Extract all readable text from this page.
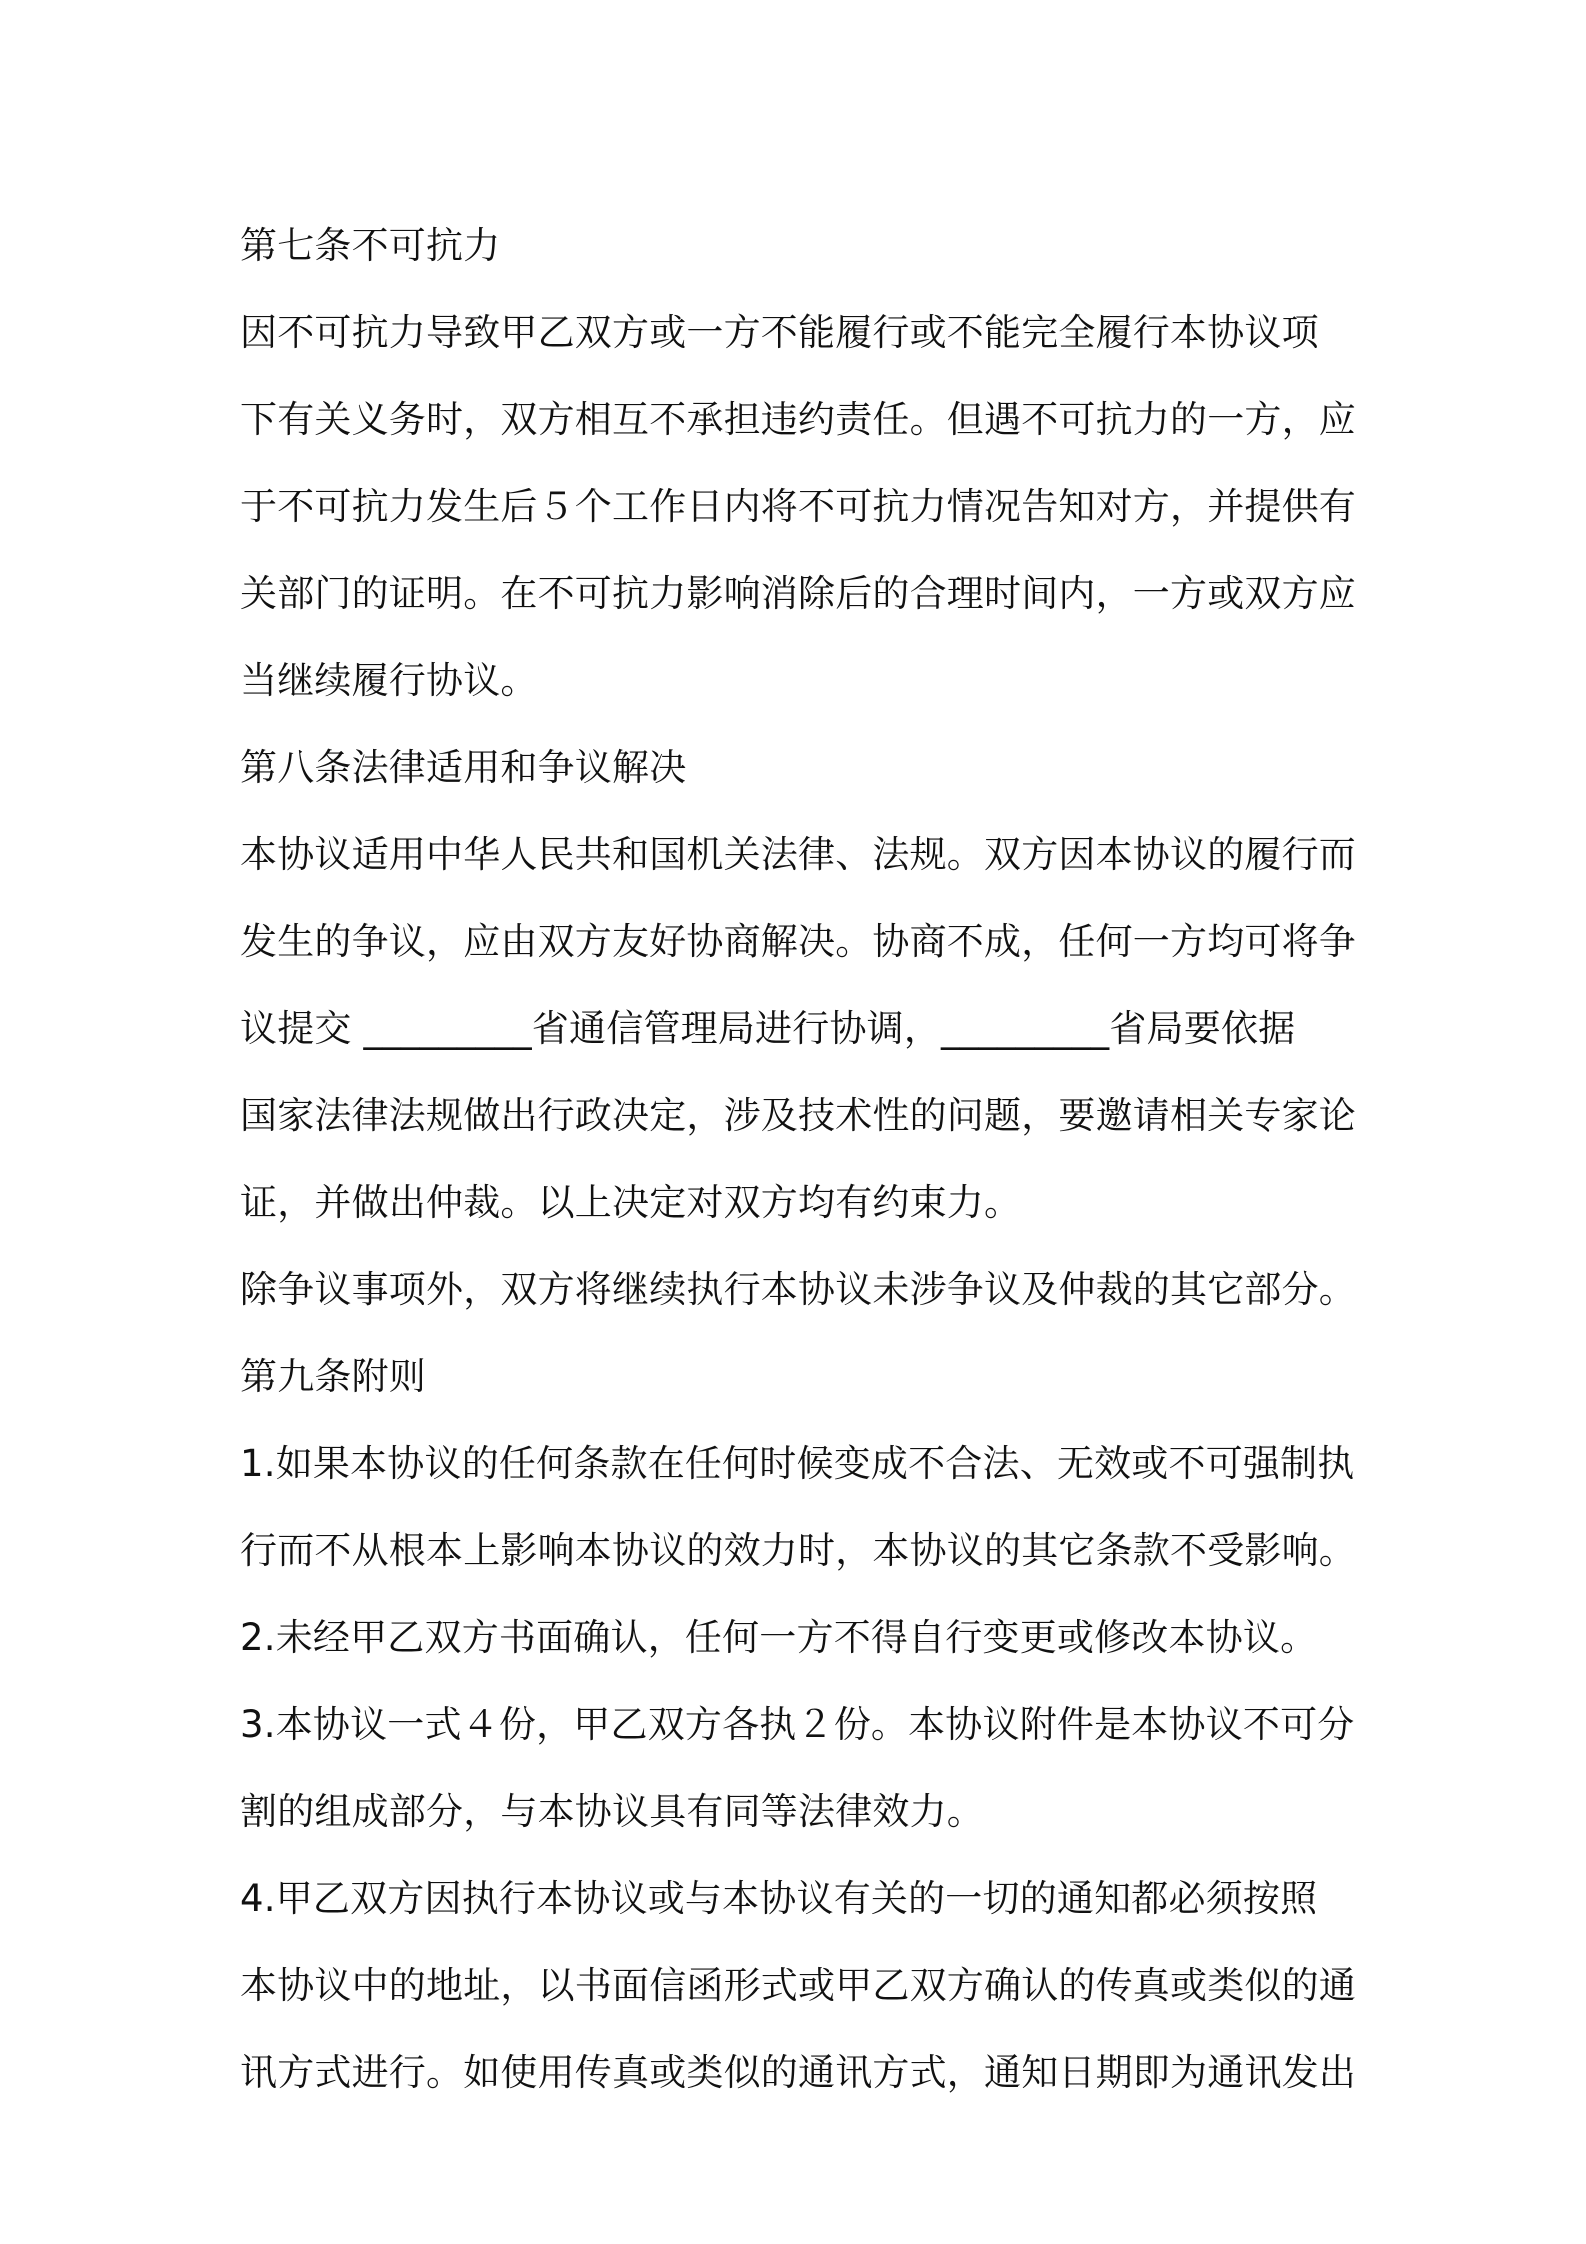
第七条不可抗力
因不可抗力导致甲乙双方或一方不能履行或不能完全履行本协议项
下有关义务时，双方相互不承担违约责任。但遇不可抗力的一方，应
于不可抗力发生后５个工作日内将不可抗力情况告知对方，并提供有
关部门的证明。在不可抗力影响消除后的合理时间内，一方或双方应
当继续履行协议。
第八条法律适用和争议解决
本协议适用中华人民共和国机关法律、法规。双方因本协议的履行而
发生的争议，应由双方友好协商解决。协商不成，任何一方均可将争
议提交 _________省通信管理局进行协调，_________省局要依据
国家法律法规做出行政决定，涉及技术性的问题，要邀请相关专家论
证，并做出仲裁。以上决定对双方均有约束力。
除争议事项外，双方将继续执行本协议未涉争议及仲裁的其它部分。
第九条附则
1.如果本协议的任何条款在任何时候变成不合法、无效或不可强制执
行而不从根本上影响本协议的效力时，本协议的其它条款不受影响。
2.未经甲乙双方书面确认，任何一方不得自行变更或修改本协议。
3.本协议一式４份，甲乙双方各执２份。本协议附件是本协议不可分
割的组成部分，与本协议具有同等法律效力。
4.甲乙双方因执行本协议或与本协议有关的一切的通知都必须按照
本协议中的地址，以书面信函形式或甲乙双方确认的传真或类似的通
讯方式进行。如使用传真或类似的通讯方式，通知日期即为通讯发出
